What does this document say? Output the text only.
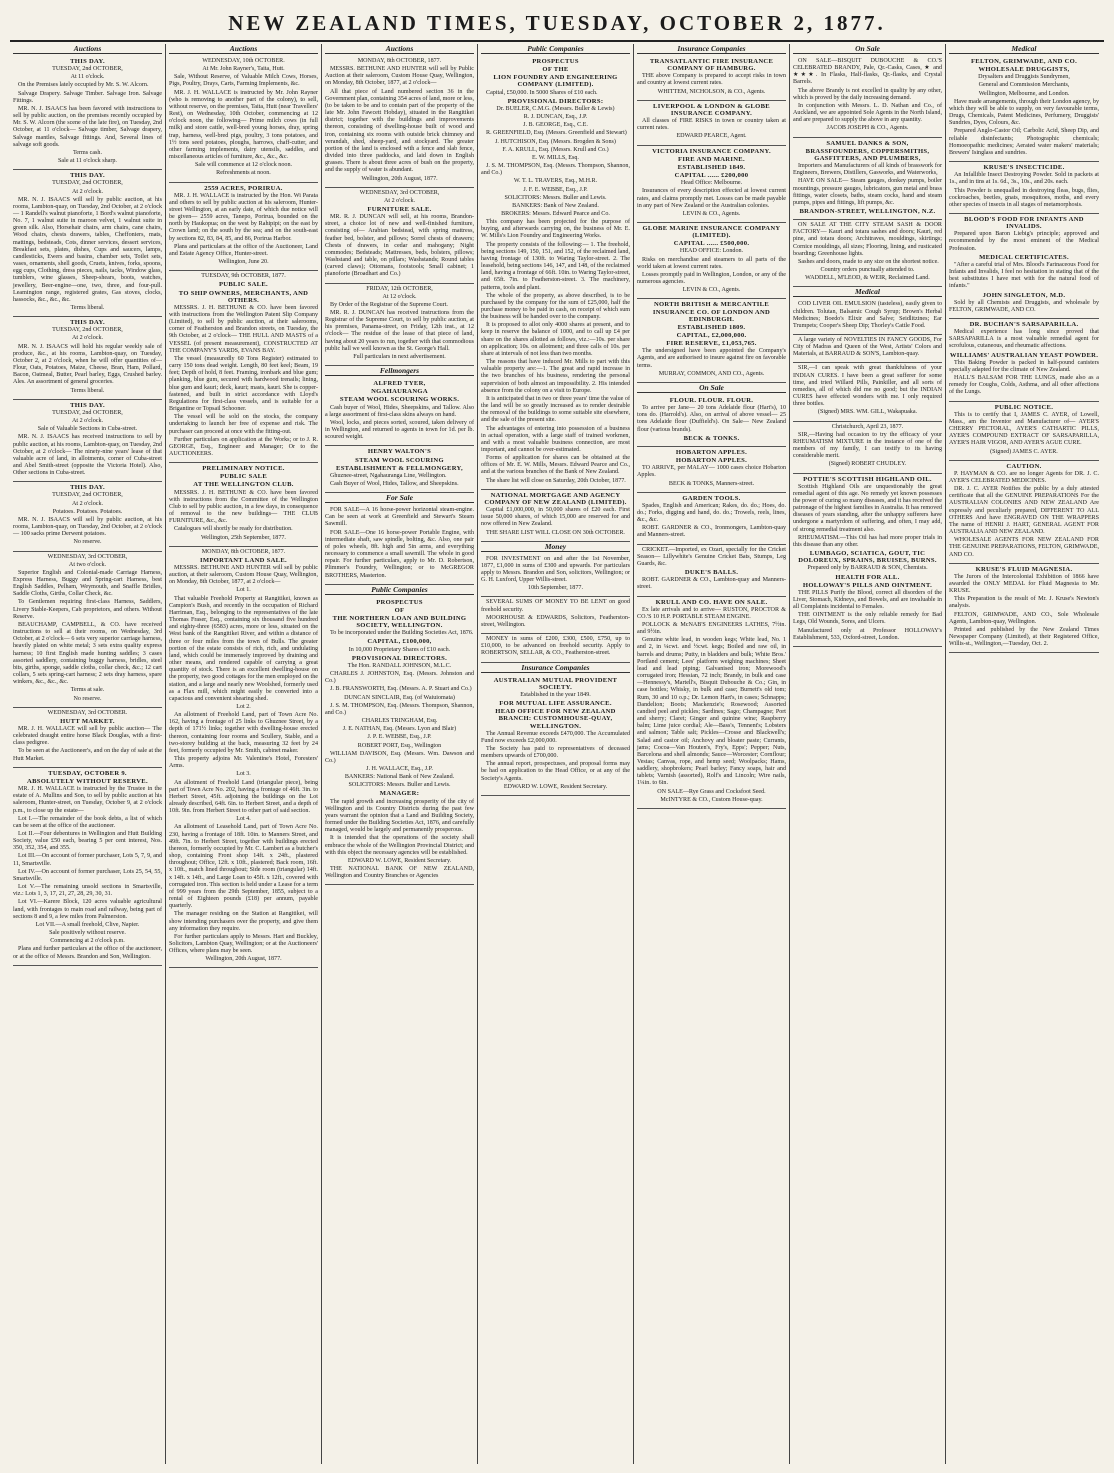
NEW ZEALAND TIMES, TUESDAY, OCTOBER 2, 1877.
Auctions

THIS DAY.

TUESDAY, 2nd OCTOBER,

At 11 o'clock.

On the Premises lately occupied by Mr. S. W. Alcorn.

Salvage Drapery. Salvage Timber. Salvage Iron. Salvage Fittings.

MR. N. J. ISAACS has been favored with instructions to sell by public auction, on the premises recently occupied by Mr. S. W. Alcorn (the scene of the late fire), on Tuesday, 2nd October, at 11 o'clock— Salvage timber, Salvage drapery, Salvage mantles, Salvage fittings. And, Several lines of salvage soft goods.

Terms cash.

Sale at 11 o'clock sharp.

THIS DAY.

TUESDAY, 2nd OCTOBER,

At 2 o'clock.

MR. N. J. ISAACS will sell by public auction, at his rooms, Lambton-quay, on Tuesday, 2nd October, at 2 o'clock— 1 Randell's walnut pianoforte, 1 Bord's walnut pianoforte, No. 7, 1 walnut suite in maroon velvet, 1 walnut suite in green silk. Also, Horsehair chairs, arm chairs, cane chairs, Wood chairs, chests drawers, tables, Cheffoniers, mats, mattings, bedsteads, Cots, dinner services, dessert services, Breakfast sets, plates, dishes, Cups and saucers, lamps, candlesticks, Ewers and basins, chamber sets, Toilet sets, vases, ornaments, shell goods, Cruets, knives, forks, spoons, egg cups, Clothing, dress pieces, nails, tacks, Window glass, tumblers, wine glasses, Sheep-shears, boots, watches, jewellery, Beer-engine—one, two, three, and four-pull. Leamington range, registered grates, Gas stoves, clocks, hassocks, &c., &c., &c.

Terms liberal.

THIS DAY.

TUESDAY, 2nd OCTOBER,

At 2 o'clock.

MR. N. J. ISAACS will hold his regular weekly sale of produce, &c., at his rooms, Lambton-quay, on Tuesday, October 2, at 2 o'clock, when he will offer quantities of— Flour, Oats, Potatoes, Maize, Cheese, Bran, Ham, Pollard, Bacon, Oatmeal, Butter, Pearl barley, Eggs, Crushed barley. Ales. An assortment of general groceries.

Terms liberal.

THIS DAY.

TUESDAY, 2nd OCTOBER,

At 2 o'clock.

Sale of Valuable Sections in Cuba-street.

MR. N. J. ISAACS has received instructions to sell by public auction, at his rooms, Lambton-quay, on Tuesday, 2nd October, at 2 o'clock— The ninety-nine years' lease of that valuable acre of land, in allotments, corner of Cuba-street and Abel Smith-street (opposite the Victoria Hotel). Also, Other sections in Cuba-street.

THIS DAY.

TUESDAY, 2nd OCTOBER,

At 2 o'clock.

Potatoes. Potatoes. Potatoes.

MR. N. J. ISAACS will sell by public auction, at his rooms, Lambton-quay, on Tuesday, 2nd October, at 2 o'clock— 100 sacks prime Derwent potatoes.

No reserve.

WEDNESDAY, 3rd OCTOBER,

At two o'clock.

Superior English and Colonial-made Carriage Harness, Express Harness, Buggy and Spring-cart Harness, best English Saddles, Pelham, Weymouth, and Snaffle Bridles, Saddle Cloths, Girths, Collar Check, &c.

To Gentlemen requiring first-class Harness, Saddlers, Livery Stable-Keepers, Cab proprietors, and others. Without Reserve.

BEAUCHAMP, CAMPBELL, & CO. have received instructions to sell at their rooms, on Wednesday, 3rd October, at 2 o'clock— 6 sets very superior carriage harness, heavily plated on white metal; 3 sets extra quality express harness; 10 first English made hunting saddles; 3 cases assorted saddlery, containing buggy harness, bridles, steel bits, girths, sponge, saddle cloths, collar check, &c.; 12 cart collars, 5 sets spring-cart harness; 2 sets dray harness, spare winkers, &c., &c., &c.

Terms at sale.

No reserve.

WEDNESDAY, 3rd OCTOBER.

HUTT MARKET.

MR. J. H. WALLACE will sell by public auction— The celebrated draught entire horse Black Douglas, with a first-class pedigree.

To be seen at the Auctioneer's, and on the day of sale at the Hutt Market.

TUESDAY, OCTOBER 9.

ABSOLUTELY WITHOUT RESERVE.

MR. J. H. WALLACE is instructed by the Trustee in the estate of A. Mullins and Son, to sell by public auction at his saleroom, Hunter-street, on Tuesday, October 9, at 2 o'clock p.m., to close up the estate—

Lot I.—The remainder of the book debts, a list of which can be seen at the office of the auctioneer.

Lot II.—Four debentures in Wellington and Hutt Building Society, value £50 each, bearing 5 per cent interest, Nos. 350, 352, 354, and 355.

Lot III.—On account of former purchaser, Lots 5, 7, 9, and 11, Smartsville.

Lot IV.—On account of former purchaser, Lots 25, 54, 55, Smartsville.

Lot V.—The remaining unsold sections in Smartsville, viz.: Lots 1, 3, 17, 21, 27, 28, 29, 30, 31.

Lot VI.—Karere Block, 120 acres valuable agricultural land, with frontages to main road and railway, being part of sections 8 and 9, a few miles from Palmerston.

Lot VII.—A small freehold, Clive, Napier.

Sale positively without reserve.

Commencing at 2 o'clock p.m.

Plans and further particulars at the office of the auctioneer, or at the office of Messrs. Brandon and Son, Wellington.

Auctions

WEDNESDAY, 10th OCTOBER.

At Mr. John Rayner's, Taita, Hutt.

Sale, Without Reserve, of Valuable Milch Cows, Horses, Pigs, Poultry, Drays, Carts, Farming Implements, &c.

MR. J. H. WALLACE is instructed by Mr. John Rayner (who is removing to another part of the colony), to sell, without reserve, on the premises, Taita, Hutt (near Travellers' Rest), on Wednesday, 10th October, commencing at 12 o'clock noon, the following— Prime milch cows (in full milk) and store cattle, well-bred young horses, dray, spring trap, harness, well-bred pigs, poultry, 3 tons potatoes, and 1½ tons seed potatoes, ploughs, harrows, chaff-cutter, and other farming implements, dairy utensils, saddles, and miscellaneous articles of furniture, &c., &c., &c.

Sale will commence at 12 o'clock noon.

Refreshments at noon.

2559 ACRES, PORIRUA.

MR. J. H. WALLACE is instructed by the Hon. Wi Parata and others to sell by public auction at his saleroom, Hunter-street Wellington, at an early date, of which due notice will be given— 2559 acres, Tanepo, Porirua, bounded on the north by Haukopua; on the west by Rahipipi; on the east by Crown land; on the south by the sea; and on the south-east by sections 82, 83, 84, 85, and 86, Porirua Harbor.

Plans and particulars at the office of the Auctioneer, Land and Estate Agency Office, Hunter-street.

Wellington, June 20.

TUESDAY, 9th OCTOBER, 1877.

PUBLIC SALE.

TO SHIP OWNERS, MERCHANTS, AND OTHERS.

MESSRS. J. H. BETHUNE & CO. have been favored with instructions from the Wellington Patent Slip Company (Limited), to sell by public auction, at their salerooms, corner of Featherston and Brandon streets, on Tuesday, the 9th October, at 2 o'clock— THE HULL AND MASTS of a VESSEL (of present measurement), CONSTRUCTED AT THE COMPANY'S YARDS, EVANS BAY.

The vessel (measuredly 60 Tons Register) estimated to carry 150 tons dead weight. Length, 80 feet keel; Beam, 19 feet; Depth of hold, 8 feet. Framing, ironbark and blue gum; planking, blue gum, secured with hardwood trenails; lining, blue gum and kauri; deck, kauri; masts, kauri. She is copper-fastened, and built in strict accordance with Lloyd's Regulations for first-class vessels, and is suitable for a Brigantine or Topsail Schooner.

The vessel will be sold on the stocks, the company undertaking to launch her free of expense and risk. The purchaser can proceed at once with the fitting-out.

Further particulars on application at the Works; or to J. R. GEORGE, Esq., Engineer and Manager; Or to the AUCTIONEERS.

PRELIMINARY NOTICE.

PUBLIC SALE

AT THE WELLINGTON CLUB.

MESSRS. J. H. BETHUNE & CO. have been favored with instructions from the Committee of the Wellington Club to sell by public auction, in a few days, in consequence of removal to the new buildings— THE CLUB FURNITURE, &c., &c.

Catalogues will shortly be ready for distribution.

Wellington, 25th September, 1877.

MONDAY, 8th OCTOBER, 1877.

IMPORTANT LAND SALE.

MESSRS. BETHUNE AND HUNTER will sell by public auction, at their saleroom, Custom House Quay, Wellington, on Monday, 8th October, 1877, at 2 o'clock—

Lot 1.

That valuable Freehold Property at Rangitikei, known as Campion's Bush, and recently in the occupation of Richard Harriman, Esq., belonging to the representatives of the late Thomas Fraser, Esq., containing six thousand five hundred and eighty-three (6583) acres, more or less, situated on the West bank of the Rangitikei River, and within a distance of three or four miles from the town of Bulls. The greater portion of the estate consists of rich, rich, and undulating land, which could be immensely improved by draining and other means, and rendered capable of carrying a great quantity of stock. There is an excellent dwelling-house on the property, two good cottages for the men employed on the station, and a large and nearly new Woolshed, formerly used as a Flax mill, which might easily be converted into a capacious and convenient shearing shed.

Lot 2.

An allotment of Freehold Land, part of Town Acre No. 162, having a frontage of 25 links to Ghuznee Street, by a depth of 171½ links; together with dwelling-house erected thereon, containing four rooms and Scullery, Stable, and a two-storey building at the back, measuring 32 feet by 24 feet, formerly occupied by Mr. Smith, cabinet maker.

This property adjoins Mr. Valentine's Hotel, Foresters' Arms.

Lot 3.

An allotment of Freehold Land (triangular piece), being part of Town Acre No. 202, having a frontage of 46ft. 3in. to Herbert Street, 45ft. adjoining the buildings on the Lot already described, 64ft. 6in. to Herbert Street, and a depth of 10ft. 9in. from Herbert Street to other part of said section.

Lot 4.

An allotment of Leasehold Land, part of Town Acre No. 230, having a frontage of 18ft. 10in. to Manners Street, and 49ft. 7in. to Herbert Street, together with buildings erected thereon, formerly occupied by Mr. C. Lambert as a butcher's shop, containing Front shop 14ft. x 24ft., plastered throughout; Office, 12ft. x 10ft., plastered; Back room, 16ft. x 10ft., match lined throughout; Side room (triangular) 14ft. x 14ft. x 14ft., and Large Loan to 45ft. x 12ft., covered with corrugated iron. This section is held under a Lease for a term of 999 years from the 29th September, 1855, subject to a rental of Eighteen pounds (£18) per annum, payable quarterly.

The manager residing on the Station at Rangitikei, will show intending purchasers over the property, and give them any information they require.

For further particulars apply to Messrs. Hart and Buckley, Solicitors, Lambton Quay, Wellington; or at the Auctioneers' Offices, where plans may be seen.

Wellington, 20th August, 1877.

Auctions

MONDAY, 8th OCTOBER, 1877.

MESSRS. BETHUNE AND HUNTER will sell by Public Auction at their saleroom, Custom House Quay, Wellington, on Monday, 8th October, 1877, at 2 o'clock—

All that piece of Land numbered section 36 in the Government plan, containing 354 acres of land, more or less, (to be taken to be and to contain part of the property of the late Mr. John Fawcett Hobday), situated in the Rangitikei district; together with the buildings and improvements thereon, consisting of dwelling-house built of wood and iron, containing six rooms with outside brick chimney and verandah, shed, sheep-yard, and stockyard. The greater portion of the land is enclosed with a fence and slab fence, divided into three paddocks, and laid down in English grasses. There is about three acres of bush on the property, and the supply of water is abundant.

Wellington, 20th August, 1877.

WEDNESDAY, 3rd OCTOBER,

At 2 o'clock.

FURNITURE SALE.

MR. R. J. DUNCAN will sell, at his rooms, Brandon-street, a choice lot of new and well-finished furniture, consisting of— Arabian bedstead, with spring mattress, feather bed, bolster, and pillows; Sorrel chests of drawers; Chests of drawers, in cedar and mahogany; Night commodes; Bedsteads; Mattresses, beds, bolsters, pillows; Washstand and table, on pillars; Washstands; Round tables (carved claws); Ottomans, footstools; Small cabinet; 1 pianoforte (Broadhart and Co.)

FRIDAY, 12th OCTOBER,

At 12 o'clock.

By Order of the Registrar of the Supreme Court.

MR. R. J. DUNCAN has received instructions from the Registrar of the Supreme Court, to sell by public auction, at his premises, Panama-street, on Friday, 12th inst., at 12 o'clock— The residue of the lease of that piece of land, having about 20 years to run, together with that commodious public hall we well known as the St. George's Hall.

Full particulars in next advertisement.

Fellmongers

ALFRED TYER,

NGAHAURANGA

STEAM WOOL SCOURING WORKS.

Cash buyer of Wool, Hides, Sheepskins, and Tallow. Also a large assortment of first-class skins always on hand.

Wool, locks, and pieces sorted, scoured, taken delivery of in Wellington, and returned to agents in town for 1d. per lb. scoured weight.

HENRY WALTON'S

STEAM WOOL SCOURING

ESTABLISHMENT & FELLMONGERY,

Ghuznee-street, Ngahauranga Line, Wellington.

Cash Buyer of Wool, Hides, Tallow, and Sheepskins.

For Sale

FOR SALE—A 16 horse-power horizontal steam-engine. Can be seen at work at Greenfield and Stewart's Steam Sawmill.

FOR SALE—One 16 horse-power Portable Engine, with intermediate shaft, saw spindle, bolting, &c. Also, one pair of poles wheels, 8ft. high and 5in arms, and everything necessary to commence a small sawmill. The whole in good repair. For further particulars, apply to Mr. D. Robertson, Plimmer's Foundry, Wellington; or to McGREGOR BROTHERS, Masterton.

Public Companies

PROSPECTUS

OF

THE NORTHERN LOAN AND BUILDING SOCIETY, WELLINGTON.

To be incorporated under the Building Societies Act, 1876.

CAPITAL, £100,000,

In 10,000 Proprietary Shares of £10 each.

PROVISIONAL DIRECTORS.

The Hon. RANDALL JOHNSON, M.L.C.

CHARLES J. JOHNSTON, Esq. (Messrs. Johnston and Co.)

J. B. FRANSWORTH, Esq. (Messrs. A. P. Stuart and Co.)

DUNCAN SINCLAIR, Esq. (of Waiuiomata)

J. S. M. THOMPSON, Esq. (Messrs. Thompson, Shannon, and Co.)

CHARLES TRINGHAM, Esq.

J. E. NATHAN, Esq. (Messrs. Lyon and Blair)

J. P. E. WEBBE, Esq., J.P.

ROBERT PORT, Esq., Wellington

WILLIAM DAVISON, Esq. (Messrs. Wm. Dawson and Co.)

J. H. WALLACE, Esq., J.P.

BANKERS: National Bank of New Zealand.

SOLICITORS: Messrs. Buller and Lewis.

MANAGER:

The rapid growth and increasing prosperity of the city of Wellington and its Country Districts during the past few years warrant the opinion that a Land and Building Society, formed under the Building Societies Act, 1876, and carefully managed, would be largely and permanently prosperous.

It is intended that the operations of the society shall embrace the whole of the Wellington Provincial District; and with this object the necessary agencies will be established.

EDWARD W. LOWE, Resident Secretary.

THE NATIONAL BANK OF NEW ZEALAND, Wellington and Country Branches or Agencies

Public Companies

PROSPECTUS

OF THE

LION FOUNDRY AND ENGINEERING COMPANY (LIMITED).

Capital, £50,000. In 5000 Shares of £10 each.

PROVISIONAL DIRECTORS:

Dr. BUELER, C.M.G. (Messrs. Buller & Lewis)

R. J. DUNCAN, Esq., J.P.

J. B. GEORGE, Esq., C.E.

R. GREENFIELD, Esq. (Messrs. Greenfield and Stewart)

J. HUTCHISON, Esq. (Messrs. Brogden & Sons)

F. A. KRULL, Esq. (Messrs. Krull and Co.)

E. W. MILLS, Esq.

J. S. M. THOMPSON, Esq. (Messrs. Thompson, Shannon, and Co.)

W. T. L. TRAVERS, Esq., M.H.R.

J. F. E. WEBBE, Esq., J.P.

SOLICITORS: Messrs. Buller and Lewis.

BANKERS: Bank of New Zealand.

BROKERS: Messrs. Edward Pearce and Co.

This company has been projected for the purpose of buying, and afterwards carrying on, the business of Mr. E. W. Mills's Lion Foundry and Engineering Works.

The property consists of the following:— 1. The freehold, being sections 149, 150, 151, and 152, of the reclaimed land, having frontage of 130ft. to Waring Taylor-street. 2. The leasehold, being sections 146, 147, and 148, of the reclaimed land, having a frontage of 66ft. 10in. to Waring Taylor-street, and 65ft. 7in. to Featherston-street. 3. The machinery, patterns, tools and plant.

The whole of the property, as above described, is to be purchased by the company for the sum of £25,000, half the purchase money to be paid in cash, on receipt of which sum the business will be handed over to the company.

It is proposed to allot only 4000 shares at present, and to keep in reserve the balance of 1000, and to call up £4 per share on the shares allotted as follows, viz.:—10s. per share on application; 10s. on allotment; and three calls of 10s. per share at intervals of not less than two months.

The reasons that have induced Mr. Mills to part with this valuable property are:—1. The great and rapid increase in the two branches of his business, rendering the personal supervision of both almost an impossibility. 2. His intended absence from the colony on a visit to Europe.

It is anticipated that in two or three years' time the value of the land will be so greatly increased as to render desirable the removal of the buildings to some suitable site elsewhere, and the sale of the present site.

The advantages of entering into possession of a business in actual operation, with a large staff of trained workmen, and with a most valuable business connection, are most important, and cannot be over-estimated.

Forms of application for shares can be obtained at the offices of Mr. E. W. Mills, Messrs. Edward Pearce and Co., and at the various branches of the Bank of New Zealand.

The share list will close on Saturday, 20th October, 1877.

NATIONAL MORTGAGE AND AGENCY COMPANY OF NEW ZEALAND (LIMITED).

Capital £1,000,000, in 50,000 shares of £20 each. First issue 50,000 shares, of which 15,000 are reserved for and now offered in New Zealand.

THE SHARE LIST WILL CLOSE ON 30th OCTOBER.

Money

FOR INVESTMENT on and after the 1st November, 1877, £1,000 in sums of £300 and upwards. For particulars apply to Messrs. Brandon and Son, solicitors, Wellington; or G. H. Luxford, Upper Willis-street.

10th September, 1877.

SEVERAL SUMS OF MONEY TO BE LENT on good freehold security.

MOORHOUSE & EDWARDS, Solicitors, Featherston-street, Wellington.

MONEY in sums of £200, £300, £500, £750, up to £10,000, to be advanced on freehold security. Apply to ROBERTSON, SELLAR, & CO., Featherston-street.

Insurance Companies

AUSTRALIAN MUTUAL PROVIDENT SOCIETY.

Established in the year 1849.

FOR MUTUAL LIFE ASSURANCE.

HEAD OFFICE FOR NEW ZEALAND BRANCH: CUSTOMHOUSE-QUAY, WELLINGTON.

The Annual Revenue exceeds £470,000. The Accumulated Fund now exceeds £2,000,000.

The Society has paid to representatives of deceased members upwards of £700,000.

The annual report, prospectuses, and proposal forms may be had on application to the Head Office, or at any of the Society's Agents.

EDWARD W. LOWE, Resident Secretary.

Insurance Companies

TRANSATLANTIC FIRE INSURANCE COMPANY OF HAMBURG.

THE above Company is prepared to accept risks in town and country at lowest current rates.

WHITTEM, NICHOLSON, & CO., Agents.

LIVERPOOL & LONDON & GLOBE INSURANCE COMPANY.

All classes of FIRE RISKS in town or country taken at current rates.

EDWARD PEARCE, Agent.

VICTORIA INSURANCE COMPANY.

FIRE AND MARINE.

ESTABLISHED 1849.

CAPITAL ...... £200,000

Head Office: Melbourne.

Insurances of every description effected at lowest current rates, and claims promptly met. Losses can be made payable in any part of New Zealand or the Australian colonies.

LEVIN & CO., Agents.

GLOBE MARINE INSURANCE COMPANY (LIMITED).

CAPITAL ...... £500,000.

HEAD OFFICE: London.

Risks on merchandise and steamers to all parts of the world taken at lowest current rates.

Losses promptly paid in Wellington, London, or any of the numerous agencies.

LEVIN & CO., Agents.

NORTH BRITISH & MERCANTILE INSURANCE CO. OF LONDON AND EDINBURGH.

ESTABLISHED 1809.

CAPITAL, £2,000,000.

FIRE RESERVE, £1,053,765.

The undersigned have been appointed the Company's Agents, and are authorised to insure against fire on favorable terms.

MURRAY, COMMON, AND CO., Agents.

On Sale

FLOUR. FLOUR. FLOUR.

To arrive per Jane— 20 tons Adelaide flour (Hart's), 10 tons do. (Harrold's). Also, on arrival of above vessel— 25 tons Adelaide flour (Duffield's). On Sale— New Zealand flour (various brands).

BECK & TONKS.

HOBARTON APPLES.

HOBARTON APPLES.

TO ARRIVE, per MALAY— 1000 cases choice Hobarton Apples.

BECK & TONKS, Manners-street.

GARDEN TOOLS.

Spades, English and American; Rakes, do. do.; Hoes, do. do.; Forks, digging and hand, do. do.; Trowels, reels, lines, &c., &c.

ROBT. GARDNER & CO., Ironmongers, Lambton-quay and Manners-street.

CRICKET.—Imported, ex Ozari, specially for the Cricket Season— Lillywhite's Genuine Cricket Bats, Stumps, Leg Guards, &c.

DUKE'S BALLS.

ROBT. GARDNER & CO., Lambton-quay and Manners-street.

KRULL AND CO. HAVE ON SALE.

Ex late arrivals and to arrive— RUSTON, PROCTOR & CO.'S 10 H.P. PORTABLE STEAM ENGINE.

POLLOCK & McNAB'S ENGINEERS LATHES, 7½in. and 9½in.

Genuine white lead, in wooden kegs; White lead, No. 1 and 2, in ¼cwt. and ½cwt. kegs; Boiled and raw oil, in barrels and drums; Putty, in bladders and bulk; White Bros.' Portland cement; Lees' platform weighing machines; Sheet lead and lead piping; Galvanised iron; Morewood's corrugated iron; Hessian, 72 inch; Brandy, in bulk and case—Hennessy's, Martell's, Bisquit Dubouche & Co.; Gin, in case bottles; Whisky, in bulk and case; Burnett's old tom; Rum, 30 and 10 o.p.; Dr. Lemon Hart's, in cases; Schnapps; Dandelion; Boots; Mackenzie's; Rosewood; Assorted candied peel and pickles; Sardines; Sago; Champagne; Port and sherry; Claret; Ginger and quinine wine; Raspberry balm; Lime juice cordial; Ale—Bass's, Tennent's; Lobsters and salmon; Table salt; Pickles—Crosse and Blackwell's; Salad and castor oil; Anchovy and bloater paste; Currants, jams; Cocoa—Van Houten's, Fry's, Epps'; Pepper; Nuts, Barcelona and shell almonds; Sauce—Worcester; Cornflour; Vestas; Canvas, rope, and hemp seed; Woolpacks; Hams, saddlery, shopbrokers; Pearl barley; Fancy soaps, hair and tablets; Varnish (assorted), Rolf's and Lincoln; Wire nails, 1¼in. to 6in.

ON SALE—Rye Grass and Cocksfoot Seed.

McINTYRE & CO., Custom House-quay.

On Sale

ON SALE—BISQUIT DUBOUCHE & CO.'S CELEBRATED BRANDY, Pale, Qr.-Casks, Cases, ★ and ★★★. In Flasks, Half-flasks, Qr.-flasks, and Crystal Barrels.

The above Brandy is not excelled in quality by any other, which is proved by the daily increasing demand.

In conjunction with Messrs. L. D. Nathan and Co., of Auckland, we are appointed Sole Agents in the North Island, and are prepared to supply the above in any quantity.

JACOB JOSEPH & CO., Agents.

SAMUEL DANKS & SON,

BRASSFOUNDERS, COPPERSMITHS, GASFITTERS, AND PLUMBERS,

Importers and Manufacturers of all kinds of brasswork for Engineers, Brewers, Distillers, Gasworks, and Waterworks,

HAVE ON SALE— Steam gauges, donkey pumps, boiler mountings, pressure gauges, lubricators, gun metal and brass fittings, water closets, baths, steam cocks, hand and steam pumps, pipes and fittings, lift pumps, &c.

BRANDON-STREET, WELLINGTON, N.Z.

ON SALE AT THE CITY STEAM SASH & DOOR FACTORY— Kauri and totara sashes and doors; Kauri, red pine, and totara doors; Architraves, mouldings, skirtings; Cornice mouldings, all sizes; Flooring, lining, and rusticated boarding; Greenhouse lights.

Sashes and doors, made to any size on the shortest notice.

Country orders punctually attended to.

WADDELL, M'LEOD, & WEIR, Reclaimed Land.

Medical

COD LIVER OIL EMULSION (tasteless), easily given to children. Tolutan, Balsamic Cough Syrup; Brown's Herbal Medicines; Boedo's Elixir and Salve; Seidlitzines; Ear Trumpets; Cooper's Sheep Dip; Thorley's Cattle Food.

A large variety of NOVELTIES IN FANCY GOODS, For City of Madras and Queen of the West, Artists' Colors and Materials, at BARRAUD & SON'S, Lambton-quay.

SIR,—I can speak with great thankfulness of your INDIAN CURES. I have been a great sufferer for some time, and tried Willard Pills, Painkiller, and all sorts of remedies, all of which did me no good; but the INDIAN CURES have effected wonders with me. I only required three bottles.

(Signed) MRS. WM. GILL, Wakapuaka.

Christchurch, April 23, 1877.

SIR,—Having had occasion to try the efficacy of your RHEUMATISM MIXTURE in the instance of one of the members of my family, I can testify to its having considerable merit.

(Signed) ROBERT CHUDLEY.

POTTIE'S SCOTTISH HIGHLAND OIL.

Scottish Highland Oils are unquestionably the great remedial agent of this age. No remedy yet known possesses the power of curing so many diseases, and it has received the patronage of the highest families in Australia. It has removed diseases of years standing, after the unhappy sufferers have undergone a martyrdom of suffering, and often, I may add, of strong remedial treatment also.

RHEUMATISM.—This Oil has had more proper trials in this disease than any other.

LUMBAGO, SCIATICA, GOUT, TIC DOLOREUX, SPRAINS, BRUISES, BURNS.

Prepared only by BARRAUD & SON, Chemists.

HEALTH FOR ALL.

HOLLOWAY'S PILLS AND OINTMENT.

THE PILLS Purify the Blood, correct all disorders of the Liver, Stomach, Kidneys, and Bowels, and are invaluable in all Complaints incidental to Females.

THE OINTMENT is the only reliable remedy for Bad Legs, Old Wounds, Sores, and Ulcers.

Manufactured only at Professor HOLLOWAY's Establishment, 533, Oxford-street, London.

Medical

FELTON, GRIMWADE, AND CO.

WHOLESALE DRUGGISTS,

Drysalters and Druggists Sundrymen,

General and Commission Merchants,

Wellington, Melbourne, and London.

Have made arrangements, through their London agency, by which they will be able to supply, on very favourable terms, Drugs, Chemicals, Patent Medicines, Perfumery, Druggists' Sundries, Dyes, Colours, &c.

Prepared Anglo-Castor Oil; Carbolic Acid, Sheep Dip, and reliable disinfectants; Photographic chemicals; Homoeopathic medicines; Aerated water makers' materials; Brewers' Isinglass and sundries.

KRUSE'S INSECTICIDE.

An Infallible Insect Destroying Powder. Sold in packets at 1s., and in tins at 1s. 6d., 3s., 10s., and 20s. each.

This Powder is unequalled in destroying fleas, bugs, flies, cockroaches, beetles, gnats, mosquitoes, moths, and every other species of insects in all stages of metamorphosis.

BLOOD'S FOOD FOR INFANTS AND INVALIDS.

Prepared upon Baron Liebig's principle; approved and recommended by the most eminent of the Medical Profession.

MEDICAL CERTIFICATES.

"After a careful trial of Mrs. Blood's Farinaceous Food for Infants and Invalids, I feel no hesitation in stating that of the best substitutes I have met with for the natural food of infants."

JOHN SINGLETON, M.D.

Sold by all Chemists and Druggists, and wholesale by FELTON, GRIMWADE, AND CO.

DR. BUCHAN'S SARSAPARILLA.

Medical experience has long since proved that SARSAPARILLA is a most valuable remedial agent for scrofulous, cutaneous, and rheumatic affections.

WILLIAMS' AUSTRALIAN YEAST POWDER.

This Baking Powder is packed in half-pound canisters specially adapted for the climate of New Zealand.

HALL'S BALSAM FOR THE LUNGS, made also as a remedy for Coughs, Colds, Asthma, and all other affections of the Lungs.

PUBLIC NOTICE.

This is to certify that I, JAMES C. AYER, of Lowell, Mass., am the Inventor and Manufacturer of— AYER'S CHERRY PECTORAL, AYER'S CATHARTIC PILLS, AYER'S COMPOUND EXTRACT OF SARSAPARILLA, AYER'S HAIR VIGOR, AND AYER'S AGUE CURE.

(Signed) JAMES C. AYER.

CAUTION.

P. HAYMAN & CO. are no longer Agents for DR. J. C. AYER'S CELEBRATED MEDICINES.

DR. J. C. AYER Notifies the public by a duly attested certificate that all the GENUINE PREPARATIONS For the AUSTRALIAN COLONIES AND NEW ZEALAND Are expressly and peculiarly prepared, DIFFERENT TO ALL OTHERS And have ENGRAVED ON THE WRAPPERS The name of HENRI J. HART, GENERAL AGENT FOR AUSTRALIA AND NEW ZEALAND.

WHOLESALE AGENTS FOR NEW ZEALAND FOR THE GENUINE PREPARATIONS, FELTON, GRIMWADE, AND CO.

KRUSE'S FLUID MAGNESIA.

The Jurors of the Intercolonial Exhibition of 1866 have awarded the ONLY MEDAL for Fluid Magnesia to Mr. KRUSE.

This Preparation is the result of Mr. J. Kruse's Newton's analysis.

FELTON, GRIMWADE, AND CO., Sole Wholesale Agents, Lambton-quay, Wellington.

Printed and published by the New Zealand Times Newspaper Company (Limited), at their Registered Office, Willis-st., Wellington,—Tuesday, Oct. 2.
